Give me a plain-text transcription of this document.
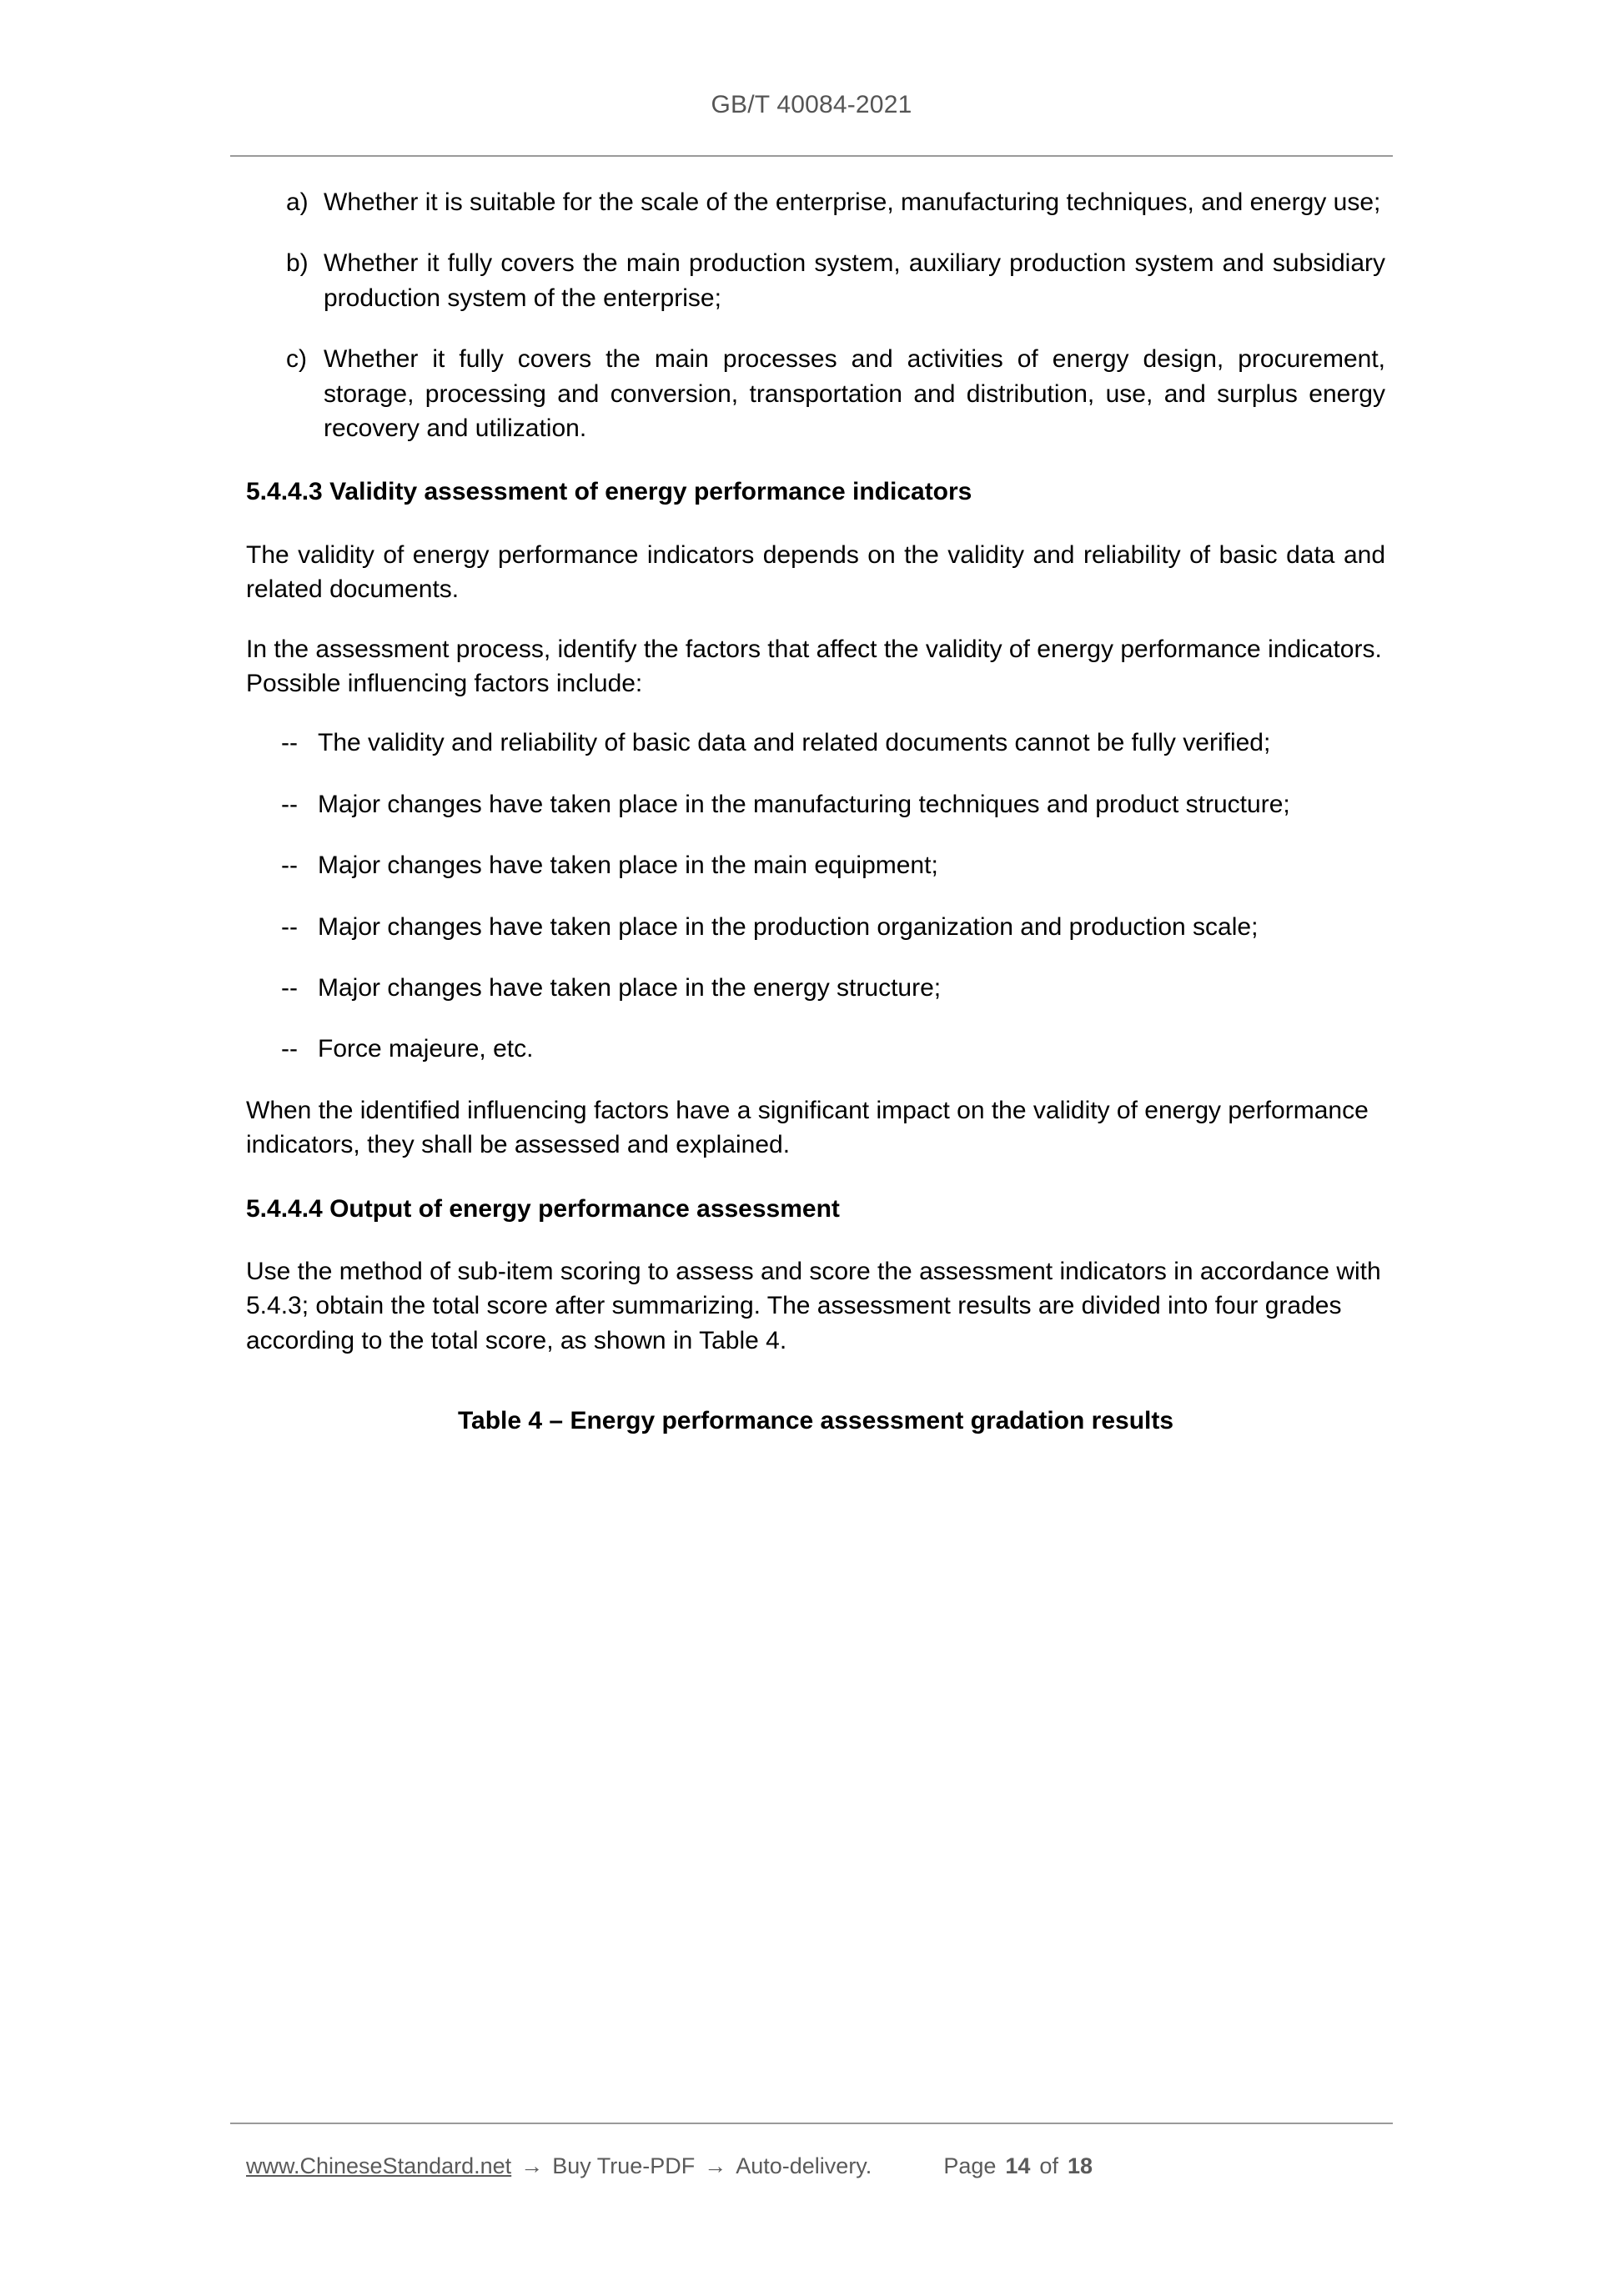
GB/T 40084-2021
a) Whether it is suitable for the scale of the enterprise, manufacturing techniques, and energy use;
b) Whether it fully covers the main production system, auxiliary production system and subsidiary production system of the enterprise;
c) Whether it fully covers the main processes and activities of energy design, procurement, storage, processing and conversion, transportation and distribution, use, and surplus energy recovery and utilization.
5.4.4.3 Validity assessment of energy performance indicators

The validity of energy performance indicators depends on the validity and reliability of basic data and related documents.

In the assessment process, identify the factors that affect the validity of energy performance indicators. Possible influencing factors include:

-- The validity and reliability of basic data and related documents cannot be fully verified;
-- Major changes have taken place in the manufacturing techniques and product structure;
-- Major changes have taken place in the main equipment;
-- Major changes have taken place in the production organization and production scale;
-- Major changes have taken place in the energy structure;
-- Force majeure, etc.

When the identified influencing factors have a significant impact on the validity of energy performance indicators, they shall be assessed and explained.

5.4.4.4 Output of energy performance assessment

Use the method of sub-item scoring to assess and score the assessment indicators in accordance with 5.4.3; obtain the total score after summarizing. The assessment results are divided into four grades according to the total score, as shown in Table 4.

Table 4 – Energy performance assessment gradation results
www.ChineseStandard.net → Buy True-PDF → Auto-delivery.	Page 14 of 18
